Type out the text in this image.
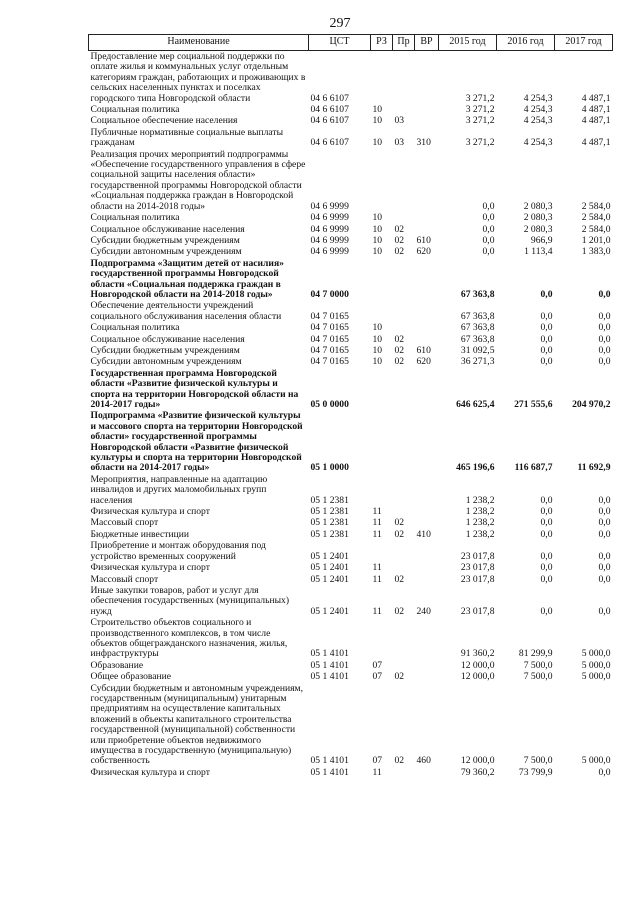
297
Наименование	ЦСТ	РЗ	Пр	ВР	2015 год	2016 год	2017 год
Предоставление мер социальной поддержки по оплате жилья и коммунальных услуг отдельным категориям граждан, работающих и проживающих в сельских населенных пунктах и поселках городского типа Новгородской области	04 6 6107				3 271,2	4 254,3	4 487,1
Социальная политика	04 6 6107	10			3 271,2	4 254,3	4 487,1
Социальное обеспечение населения	04 6 6107	10	03		3 271,2	4 254,3	4 487,1
Публичные нормативные социальные выплаты гражданам	04 6 6107	10	03	310	3 271,2	4 254,3	4 487,1
Реализация прочих мероприятий подпрограммы «Обеспечение государственного управления в сфере социальной защиты населения области» государственной программы Новгородской области «Социальная поддержка граждан в Новгородской области на 2014-2018 годы»	04 6 9999				0,0	2 080,3	2 584,0
Социальная политика	04 6 9999	10			0,0	2 080,3	2 584,0
Социальное обслуживание населения	04 6 9999	10	02		0,0	2 080,3	2 584,0
Субсидии бюджетным учреждениям	04 6 9999	10	02	610	0,0	966,9	1 201,0
Субсидии автономным учреждениям	04 6 9999	10	02	620	0,0	1 113,4	1 383,0
Подпрограмма «Защитим детей от насилия» государственной программы Новгородской области «Социальная поддержка граждан в Новгородской области на 2014-2018 годы»	04 7 0000				67 363,8	0,0	0,0
Обеспечение деятельности учреждений социального обслуживания населения области	04 7 0165				67 363,8	0,0	0,0
Социальная политика	04 7 0165	10			67 363,8	0,0	0,0
Социальное обслуживание населения	04 7 0165	10	02		67 363,8	0,0	0,0
Субсидии бюджетным учреждениям	04 7 0165	10	02	610	31 092,5	0,0	0,0
Субсидии автономным учреждениям	04 7 0165	10	02	620	36 271,3	0,0	0,0
Государственная программа Новгородской области «Развитие физической культуры и спорта на территории Новгородской области на 2014-2017 годы»	05 0 0000				646 625,4	271 555,6	204 970,2
Подпрограмма «Развитие физической культуры и массового спорта на территории Новгородской области» государственной программы Новгородской области «Развитие физической культуры и спорта на территории Новгородской области на 2014-2017 годы»	05 1 0000				465 196,6	116 687,7	11 692,9
Мероприятия, направленные на адаптацию инвалидов и других маломобильных групп населения	05 1 2381				1 238,2	0,0	0,0
Физическая культура и спорт	05 1 2381	11			1 238,2	0,0	0,0
Массовый спорт	05 1 2381	11	02		1 238,2	0,0	0,0
Бюджетные инвестиции	05 1 2381	11	02	410	1 238,2	0,0	0,0
Приобретение и монтаж оборудования под устройство временных сооружений	05 1 2401				23 017,8	0,0	0,0
Физическая культура и спорт	05 1 2401	11			23 017,8	0,0	0,0
Массовый спорт	05 1 2401	11	02		23 017,8	0,0	0,0
Иные закупки товаров, работ и услуг для обеспечения государственных (муниципальных) нужд	05 1 2401	11	02	240	23 017,8	0,0	0,0
Строительство объектов социального и производственного комплексов, в том числе объектов общегражданского назначения, жилья, инфраструктуры	05 1 4101				91 360,2	81 299,9	5 000,0
Образование	05 1 4101	07			12 000,0	7 500,0	5 000,0
Общее образование	05 1 4101	07	02		12 000,0	7 500,0	5 000,0
Субсидии бюджетным и автономным учреждениям, государственным (муниципальным) унитарным предприятиям на осуществление капитальных вложений в объекты капитального строительства государственной (муниципальной) собственности или приобретение объектов недвижимого имущества в государственную (муниципальную) собственность	05 1 4101	07	02	460	12 000,0	7 500,0	5 000,0
Физическая культура и спорт	05 1 4101	11			79 360,2	73 799,9	0,0
